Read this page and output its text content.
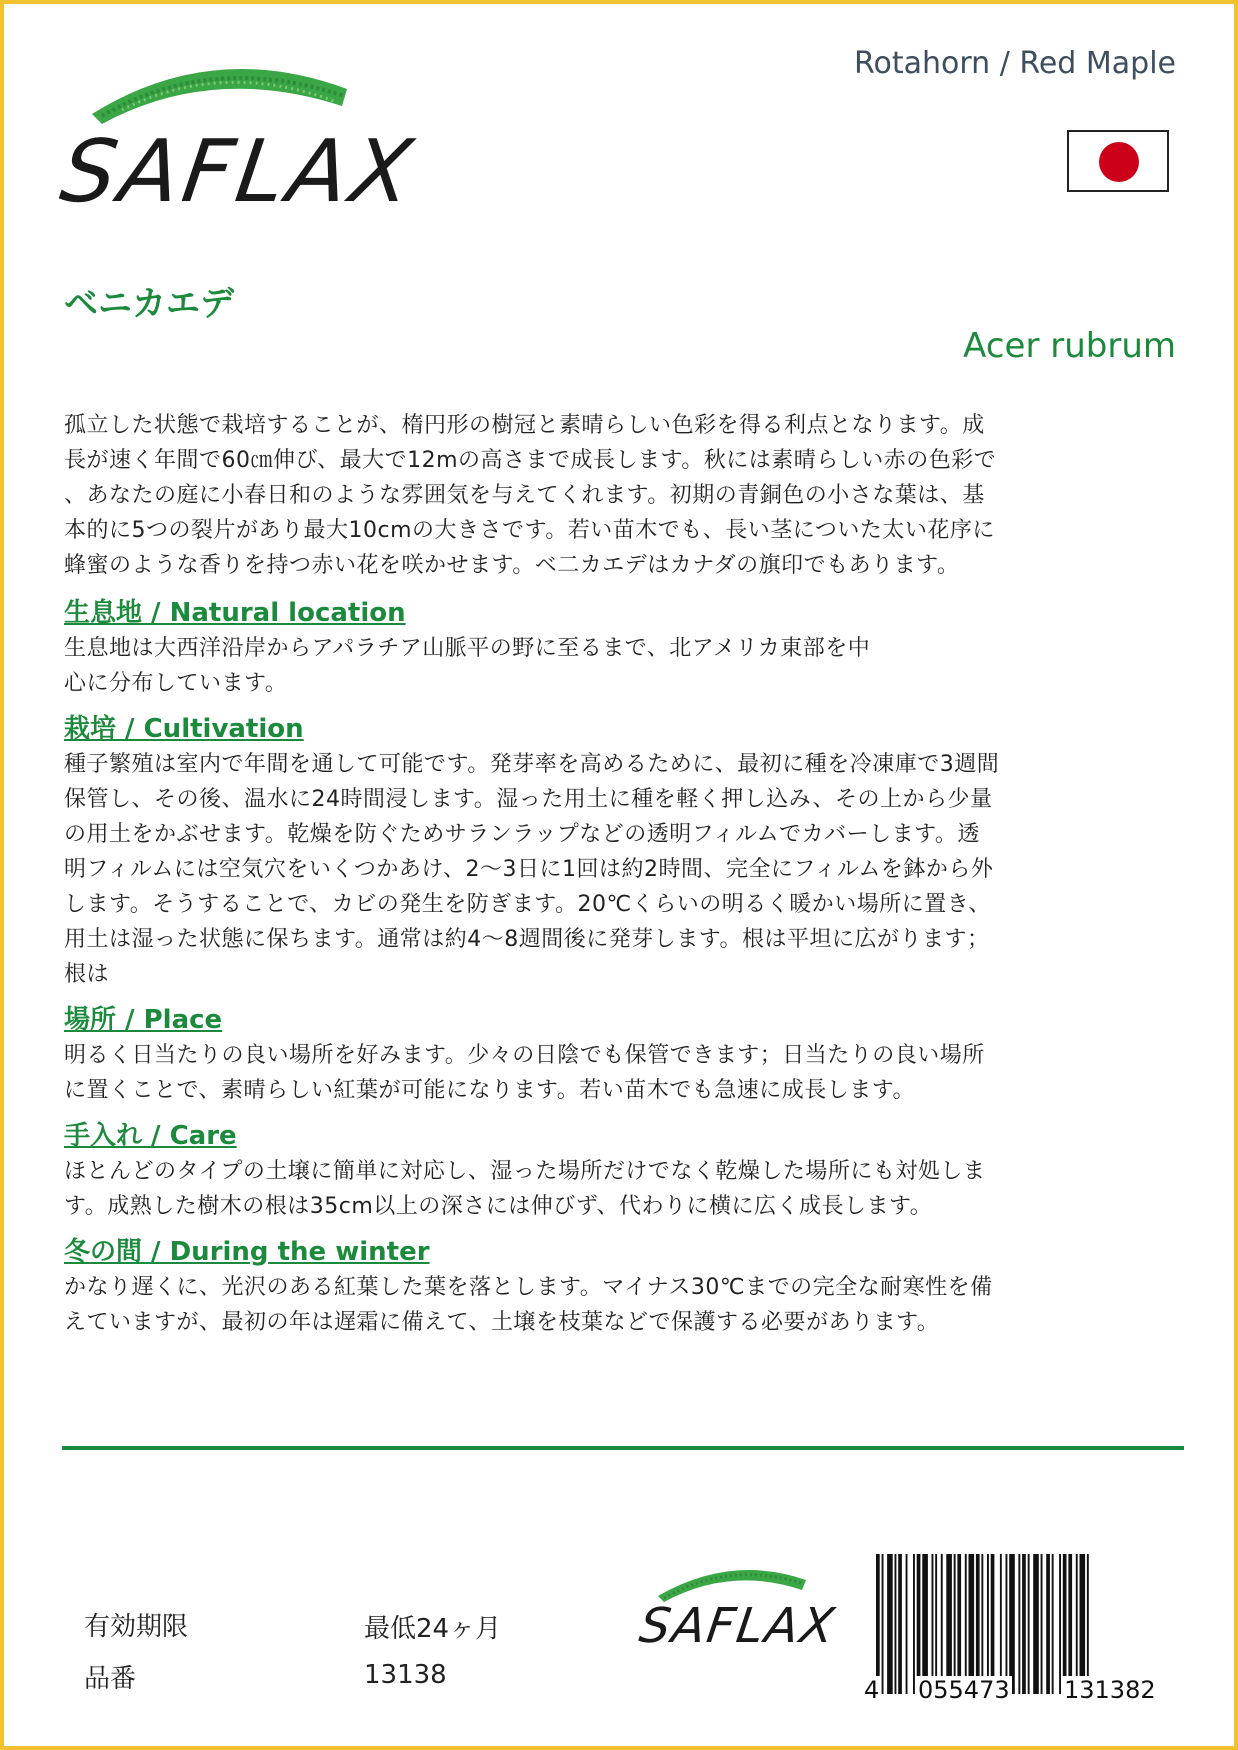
SAFLAX
Rotahorn / Red Maple
ベニカエデ
Acer rubrum

孤立した状態で栽培することが、楕円形の樹冠と素晴らしい色彩を得る利点となります。成
長が速く年間で60㎝伸び、最大で12mの高さまで成長します。秋には素晴らしい赤の色彩で
、あなたの庭に小春日和のような雰囲気を与えてくれます。初期の青銅色の小さな葉は、基
本的に5つの裂片があり最大10cmの大きさです。若い苗木でも、長い茎についた太い花序に
蜂蜜のような香りを持つ赤い花を咲かせます。ベ二カエデはカナダの旗印でもあります。

生息地 / Natural location

生息地は大西洋沿岸からアパラチア山脈平の野に至るまで、北アメリカ東部を中
心に分布しています。

栽培 / Cultivation

種子繁殖は室内で年間を通して可能です。発芽率を高めるために、最初に種を冷凍庫で3週間
保管し、その後、温水に24時間浸します。湿った用土に種を軽く押し込み、その上から少量
の用土をかぶせます。乾燥を防ぐためサランラップなどの透明フィルムでカバーします。透
明フィルムには空気穴をいくつかあけ、2～3日に1回は約2時間、完全にフィルムを鉢から外
します。そうすることで、カビの発生を防ぎます。20℃くらいの明るく暖かい場所に置き、
用土は湿った状態に保ちます。通常は約4〜8週間後に発芽します。根は平坦に広がります；
根は

場所 / Place

明るく日当たりの良い場所を好みます。少々の日陰でも保管できます；日当たりの良い場所
に置くことで、素晴らしい紅葉が可能になります。若い苗木でも急速に成長します。

手入れ / Care

ほとんどのタイプの土壌に簡単に対応し、湿った場所だけでなく乾燥した場所にも対処しま
す。成熟した樹木の根は35cm以上の深さには伸びず、代わりに横に広く成長します。

冬の間 / During the winter

かなり遅くに、光沢のある紅葉した葉を落とします。マイナス30℃までの完全な耐寒性を備
えていますが、最初の年は遅霜に備えて、土壌を枝葉などで保護する必要があります。

有効期限	最低24ヶ月
品番	13138
SAFLAX
4 055473 131382
